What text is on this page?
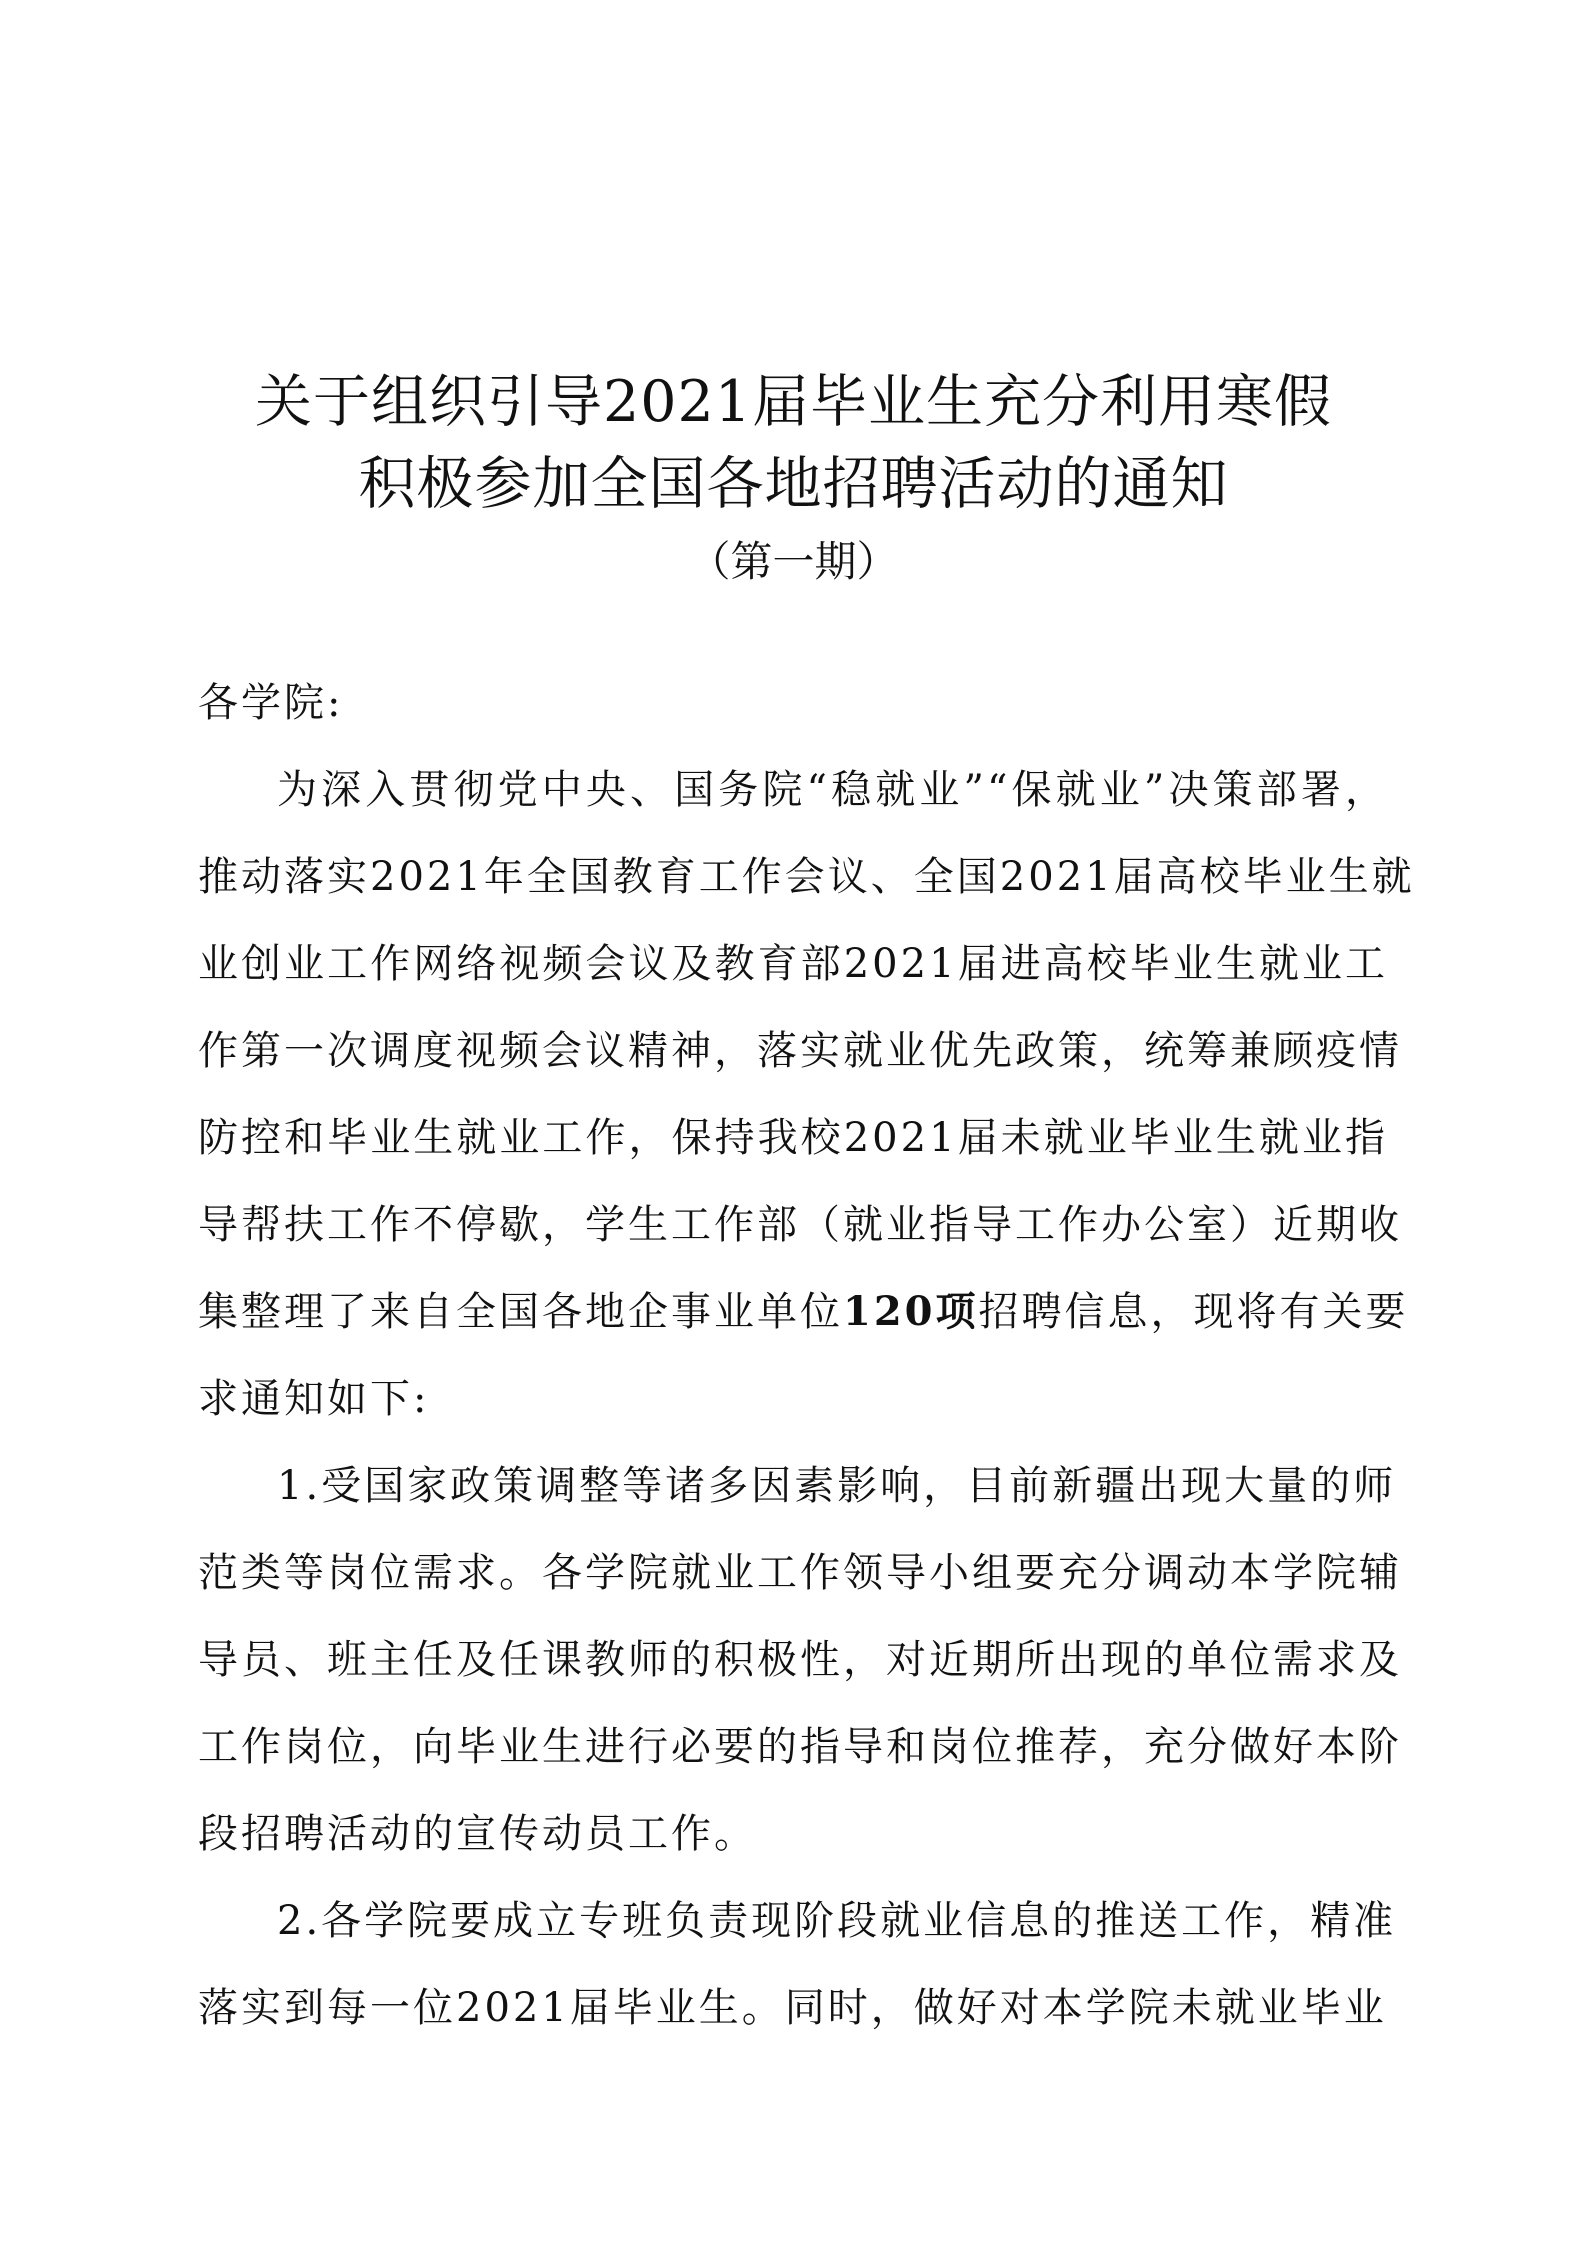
关于组织引导2021届毕业生充分利用寒假
积极参加全国各地招聘活动的通知
（第一期）
各学院:
为深入贯彻党中央、国务院“稳就业”“保就业”决策部署，
推动落实2021年全国教育工作会议、全国2021届高校毕业生就
业创业工作网络视频会议及教育部2021届进高校毕业生就业工
作第一次调度视频会议精神，落实就业优先政策，统筹兼顾疫情
防控和毕业生就业工作，保持我校2021届未就业毕业生就业指
导帮扶工作不停歇，学生工作部（就业指导工作办公室）近期收
集整理了来自全国各地企事业单位120项招聘信息，现将有关要
求通知如下:
1.受国家政策调整等诸多因素影响，目前新疆出现大量的师
范类等岗位需求。各学院就业工作领导小组要充分调动本学院辅
导员、班主任及任课教师的积极性，对近期所出现的单位需求及
工作岗位，向毕业生进行必要的指导和岗位推荐，充分做好本阶
段招聘活动的宣传动员工作。
2.各学院要成立专班负责现阶段就业信息的推送工作，精准
落实到每一位2021届毕业生。同时，做好对本学院未就业毕业
